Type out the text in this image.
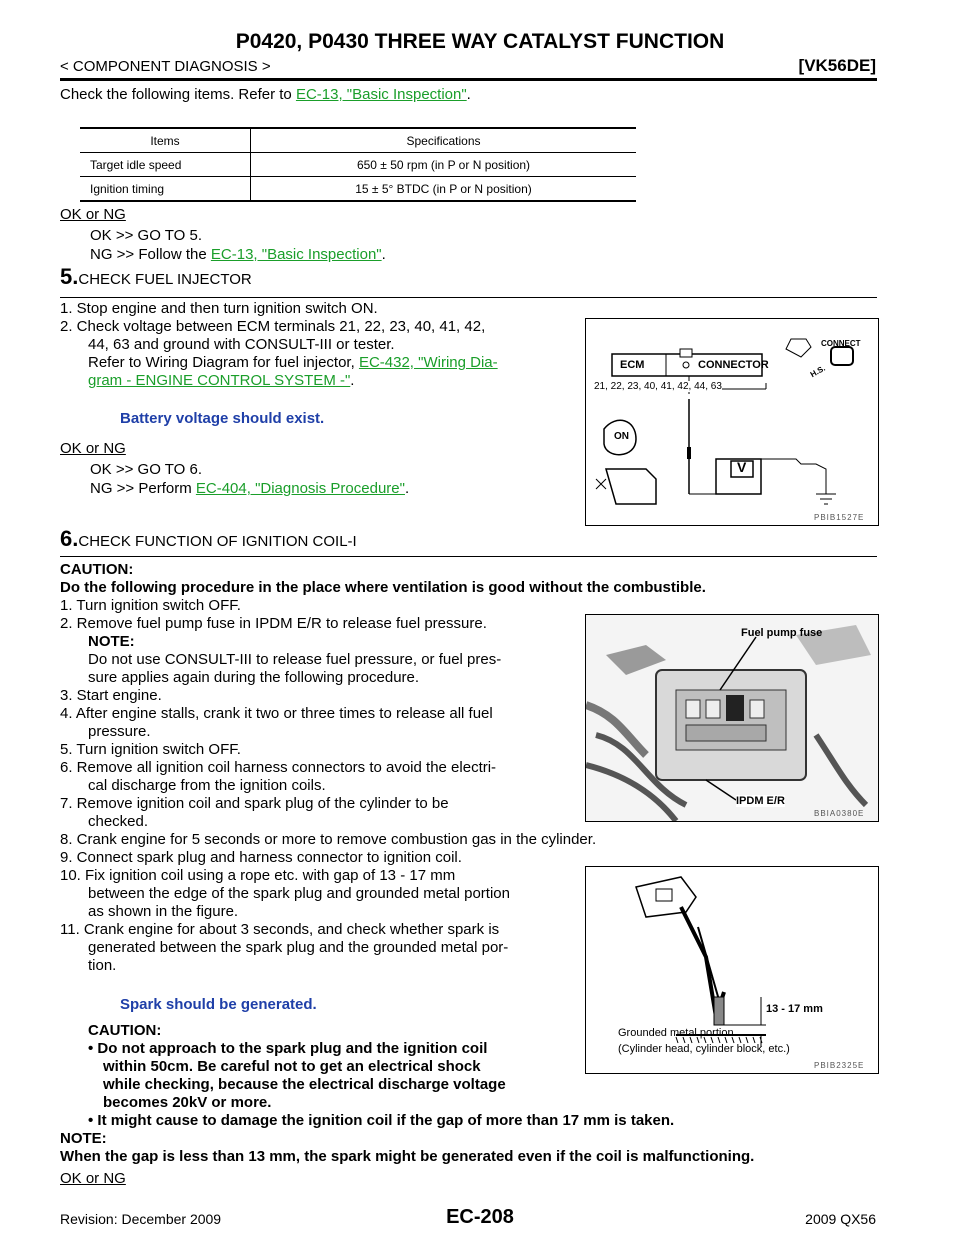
P0420, P0430 THREE WAY CATALYST FUNCTION
< COMPONENT DIAGNOSIS >	[VK56DE]
Check the following items. Refer to EC-13, "Basic Inspection".
Items	Specifications
Target idle speed	650 ± 50 rpm (in P or N position)
Ignition timing	15 ± 5° BTDC (in P or N position)
OK or NG
OK >> GO TO 5.
NG >> Follow the EC-13, "Basic Inspection".
5.CHECK FUEL INJECTOR
1. Stop engine and then turn ignition switch ON.
2. Check voltage between ECM terminals 21, 22, 23, 40, 41, 42,
44, 63 and ground with CONSULT-III or tester.
Refer to Wiring Diagram for fuel injector, EC-432, "Wiring Dia-
gram - ENGINE CONTROL SYSTEM -".
Battery voltage should exist.
OK or NG
OK >> GO TO 6.
NG >> Perform EC-404, "Diagnosis Procedure".
ECM	CONNECTOR
CONNECT
H.S.
21, 22, 23, 40, 41, 42, 44, 63
ON
V
PBIB1527E
6.CHECK FUNCTION OF IGNITION COIL-I
CAUTION:
Do the following procedure in the place where ventilation is good without the combustible.
1. Turn ignition switch OFF.
2. Remove fuel pump fuse in IPDM E/R to release fuel pressure.
NOTE:
Do not use CONSULT-III to release fuel pressure, or fuel pres-
sure applies again during the following procedure.
3. Start engine.
4. After engine stalls, crank it two or three times to release all fuel
pressure.
5. Turn ignition switch OFF.
6. Remove all ignition coil harness connectors to avoid the electri-
cal discharge from the ignition coils.
7. Remove ignition coil and spark plug of the cylinder to be
checked.
8. Crank engine for 5 seconds or more to remove combustion gas in the cylinder.
9. Connect spark plug and harness connector to ignition coil.
10. Fix ignition coil using a rope etc. with gap of 13 - 17 mm
between the edge of the spark plug and grounded metal portion
as shown in the figure.
11. Crank engine for about 3 seconds, and check whether spark is
generated between the spark plug and the grounded metal por-
tion.
Spark should be generated.
CAUTION:
• Do not approach to the spark plug and the ignition coil
within 50cm. Be careful not to get an electrical shock
while checking, because the electrical discharge voltage
becomes 20kV or more.
• It might cause to damage the ignition coil if the gap of more than 17 mm is taken.
NOTE:
When the gap is less than 13 mm, the spark might be generated even if the coil is malfunctioning.
OK or NG
Fuel pump fuse
IPDM E/R
BBIA0380E
13 - 17 mm
Grounded metal portion
(Cylinder head, cylinder block, etc.)
PBIB2325E
Revision: December 2009	EC-208	2009 QX56
